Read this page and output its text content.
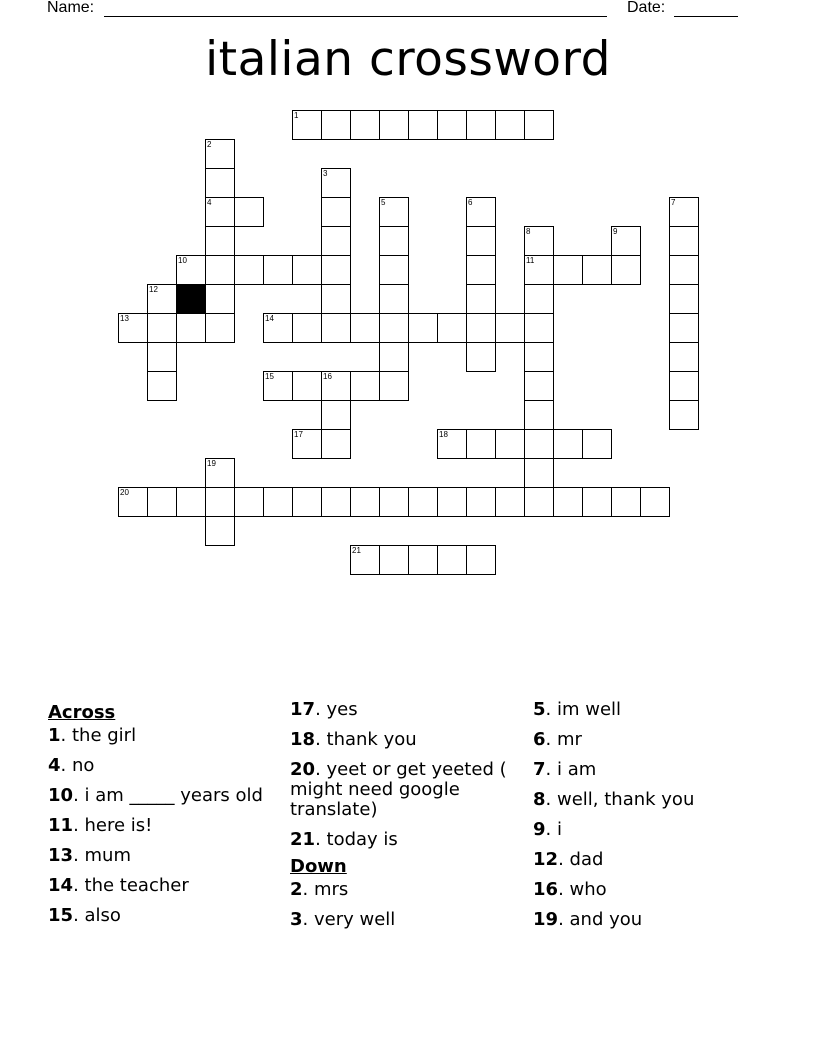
Name:	Date:
italian crossword
1
2
3
4	5	6	7
8	9
10	11
12
13	14
15	16
17	18
19
20
21
Across
1. the girl
4. no
10. i am _____ years old
11. here is!
13. mum
14. the teacher
15. also
17. yes
18. thank you
20. yeet or get yeeted ( might need google translate)
21. today is
Down
2. mrs
3. very well
5. im well
6. mr
7. i am
8. well, thank you
9. i
12. dad
16. who
19. and you
